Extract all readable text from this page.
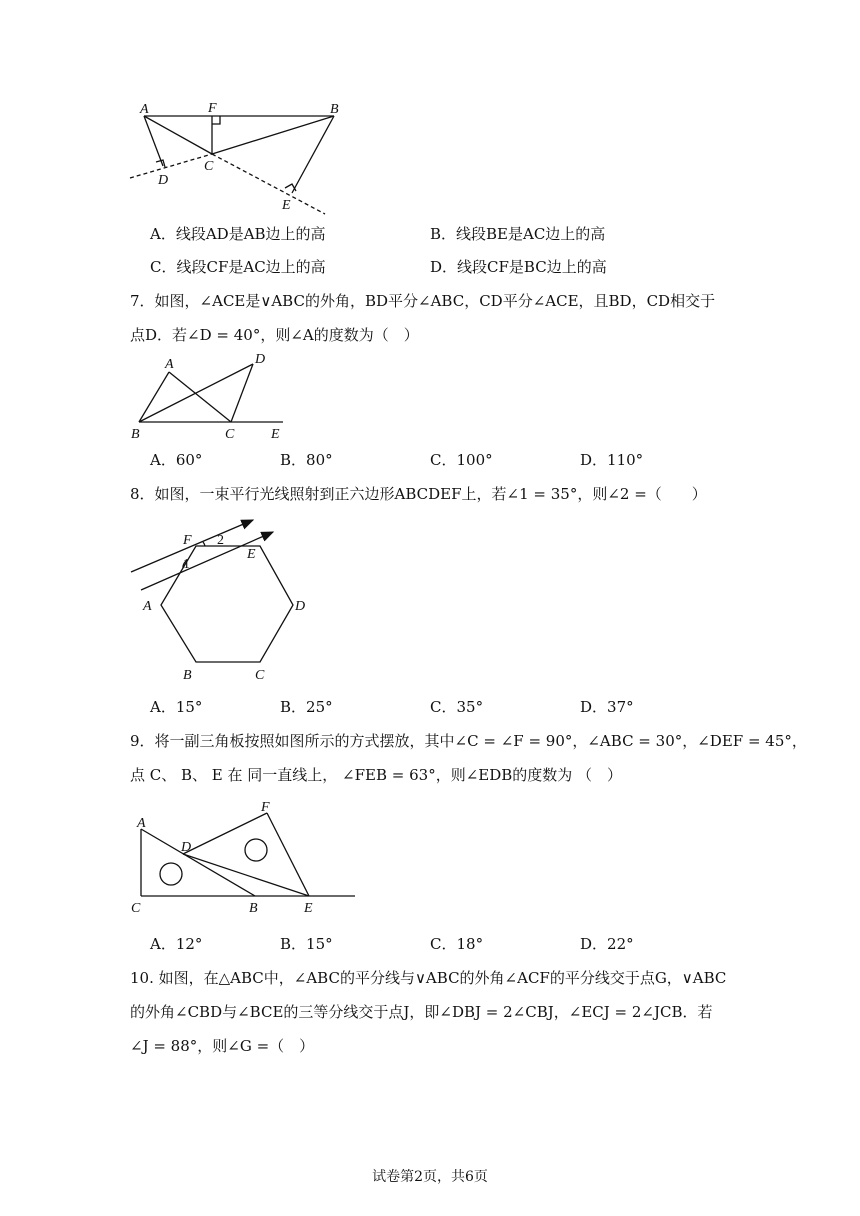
A	F	B
D
C
E
A．线段AD是AB边上的高	B．线段BE是AC边上的高
C．线段CF是AC边上的高	D．线段CF是BC边上的高
7．如图，∠ACE是∨ABC的外角，BD平分∠ABC，CD平分∠ACE，且BD，CD相交于
点D．若∠D = 40°，则∠A的度数为（　）
A	D
B	C	E
A．60°	B．80°	C．100°	D．110°
8．如图，一束平行光线照射到正六边形ABCDEF上，若∠1 = 35°，则∠2 =（　　）
F
E
A	D
B	C
2
1
A．15°	B．25°	C．35°	D．37°
9．将一副三角板按照如图所示的方式摆放，其中∠C = ∠F = 90°，∠ABC = 30°，∠DEF = 45°，
点 C、 B、 E 在 同一直线上， ∠FEB = 63°，则∠EDB的度数为 （　）
A
F
D
C	B	E
A．12°	B．15°	C．18°	D．22°
10. 如图，在△ABC中，∠ABC的平分线与∨ABC的外角∠ACF的平分线交于点G，∨ABC
的外角∠CBD与∠BCE的三等分线交于点J，即∠DBJ = 2∠CBJ，∠ECJ = 2∠JCB．若
∠J = 88°，则∠G =（　）
试卷第2页，共6页
